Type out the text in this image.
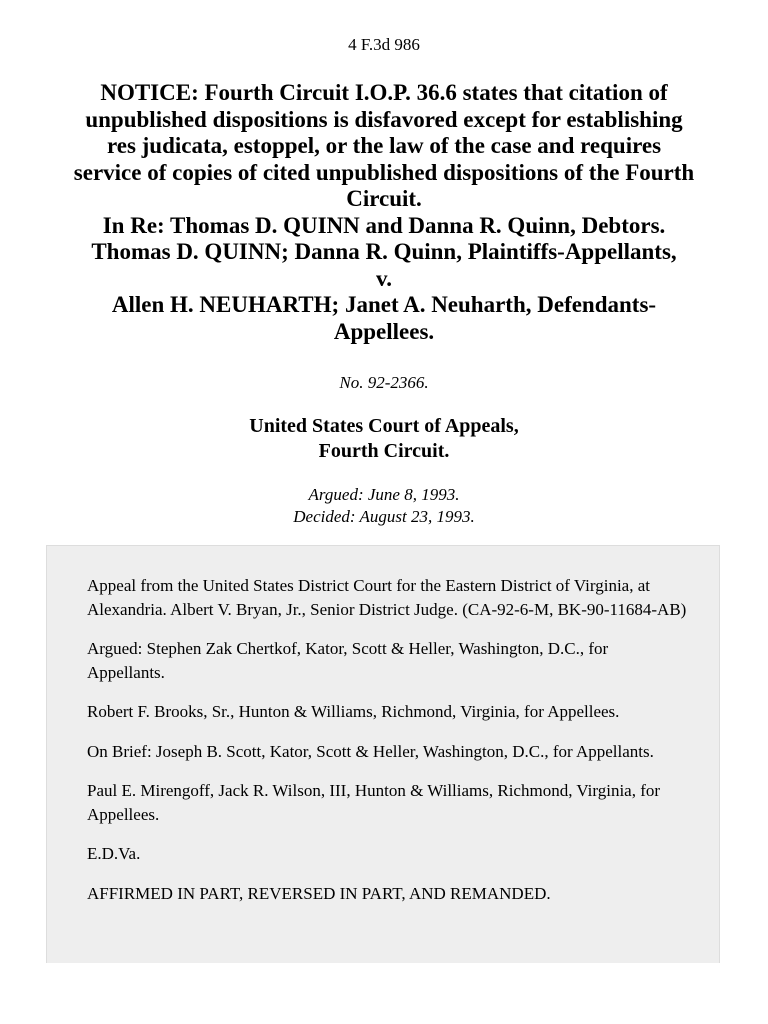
4 F.3d 986
NOTICE: Fourth Circuit I.O.P. 36.6 states that citation of
unpublished dispositions is disfavored except for establishing
res judicata, estoppel, or the law of the case and requires
service of copies of cited unpublished dispositions of the Fourth
Circuit.
In Re: Thomas D. QUINN and Danna R. Quinn, Debtors.
Thomas D. QUINN; Danna R. Quinn, Plaintiffs-Appellants,
v.
Allen H. NEUHARTH; Janet A. Neuharth, Defendants-
Appellees.
No. 92-2366.
United States Court of Appeals,
Fourth Circuit.
Argued: June 8, 1993.
Decided: August 23, 1993.

Appeal from the United States District Court for the Eastern District of Virginia, at Alexandria. Albert V. Bryan, Jr., Senior District Judge. (CA-92-6-M, BK-90-11684-AB)

Argued: Stephen Zak Chertkof, Kator, Scott & Heller, Washington, D.C., for Appellants.

Robert F. Brooks, Sr., Hunton & Williams, Richmond, Virginia, for Appellees.

On Brief: Joseph B. Scott, Kator, Scott & Heller, Washington, D.C., for Appellants.

Paul E. Mirengoff, Jack R. Wilson, III, Hunton & Williams, Richmond, Virginia, for Appellees.

E.D.Va.

AFFIRMED IN PART, REVERSED IN PART, AND REMANDED.
